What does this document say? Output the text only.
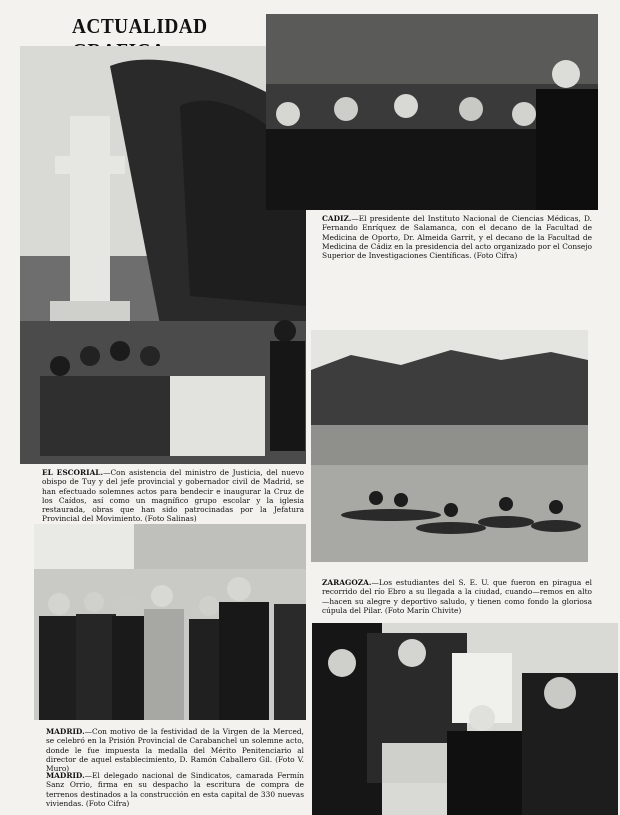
ACTUALIDAD
EL ESCORIAL.—Con asistencia del ministro de Justicia, del nuevo obispo de Tuy y del jefe provincial y gobernador civil de Madrid, se han efectuado solemnes actos para bendecir e inaugurar la Cruz de los Caídos, así como un magnífico grupo escolar y la iglesia restaurada, obras que han sido patrocinadas por la Jefatura Provincial del Movimiento. (Foto Salinas)
CADIZ.—El presidente del Instituto Nacional de Ciencias Médicas, D. Fernando Enríquez de Salamanca, con el decano de la Facultad de Medicina de Oporto, Dr. Almeida Garrit, y el decano de la Facultad de Medicina de Cádiz en la presidencia del acto organizado por el Consejo Superior de Investigaciones Científicas. (Foto Cifra)
ZARAGOZA.—Los estudiantes del S. E. U. que fueron en piragua el recorrido del río Ebro a su llegada a la ciudad, cuando—remos en alto—hacen su alegre y deportivo saludo, y tienen como fondo la gloriosa cúpula del Pilar. (Foto Marín Chivite)
MADRID.—Con motivo de la festividad de la Virgen de la Merced, se celebró en la Prisión Provincial de Carabanchel un solemne acto, donde le fue impuesta la medalla del Mérito Penitenciario al director de aquel establecimiento, D. Ramón Caballero Gil. (Foto V. Muro)
MADRID.—El delegado nacional de Sindicatos, camarada Fermín Sanz Orrio, firma en su despacho la escritura de compra de terrenos destinados a la construcción en esta capital de 330 nuevas viviendas. (Foto Cifra)
